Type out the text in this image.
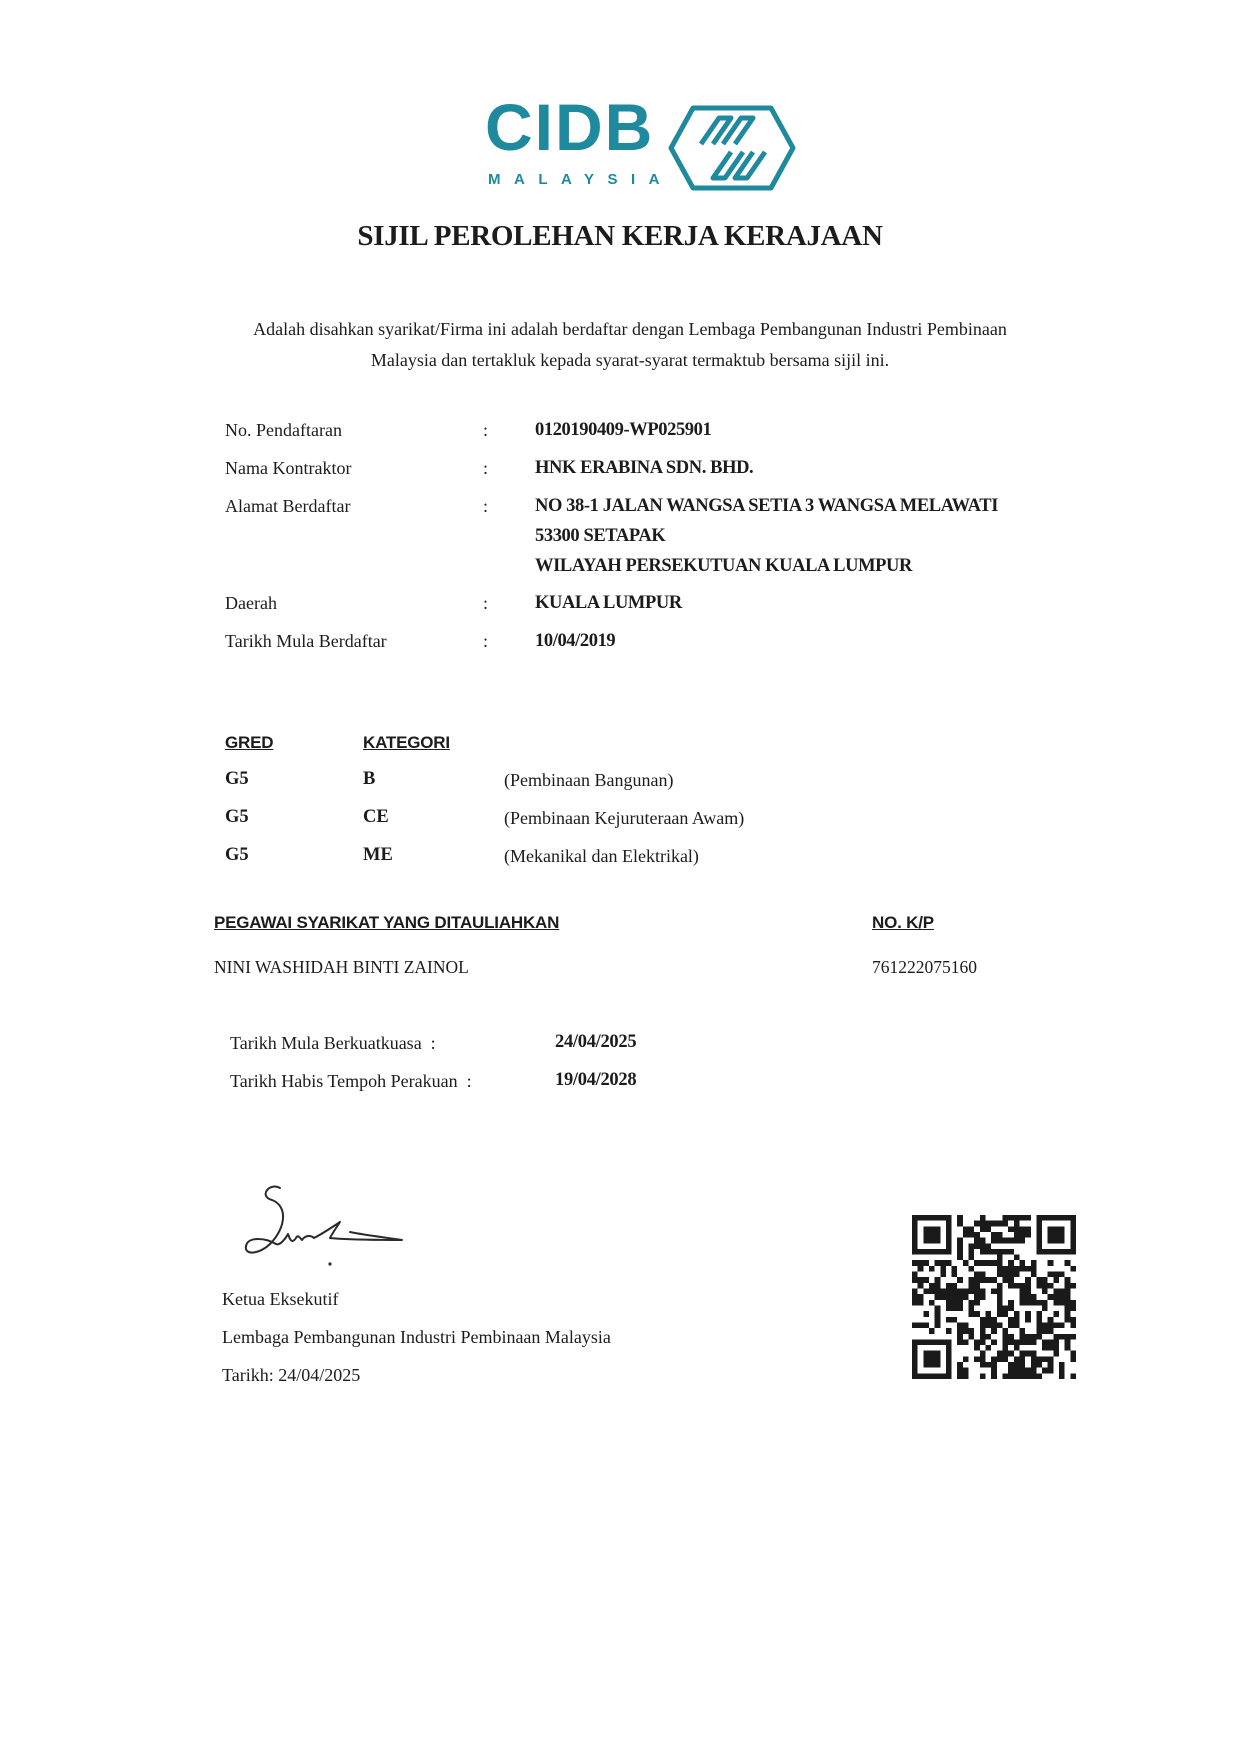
CIDB
MALAYSIA
SIJIL PEROLEHAN KERJA KERAJAAN
Adalah disahkan syarikat/Firma ini adalah berdaftar dengan Lembaga Pembangunan Industri Pembinaan
Malaysia dan tertakluk kepada syarat-syarat termaktub bersama sijil ini.
No. Pendaftaran	:	0120190409-WP025901
Nama Kontraktor	:	HNK ERABINA SDN. BHD.
Alamat Berdaftar	:	NO 38-1 JALAN WANGSA SETIA 3 WANGSA MELAWATI
53300 SETAPAK
WILAYAH PERSEKUTUAN KUALA LUMPUR
Daerah	:	KUALA LUMPUR
Tarikh Mula Berdaftar	:	10/04/2019
GRED	KATEGORI
G5	B	(Pembinaan Bangunan)
G5	CE	(Pembinaan Kejuruteraan Awam)
G5	ME	(Mekanikal dan Elektrikal)
PEGAWAI SYARIKAT YANG DITAULIAHKAN	NO. K/P
NINI WASHIDAH BINTI ZAINOL	761222075160
Tarikh Mula Berkuatkuasa  :	24/04/2025
Tarikh Habis Tempoh Perakuan  :	19/04/2028
Ketua Eksekutif
Lembaga Pembangunan Industri Pembinaan Malaysia
Tarikh: 24/04/2025
